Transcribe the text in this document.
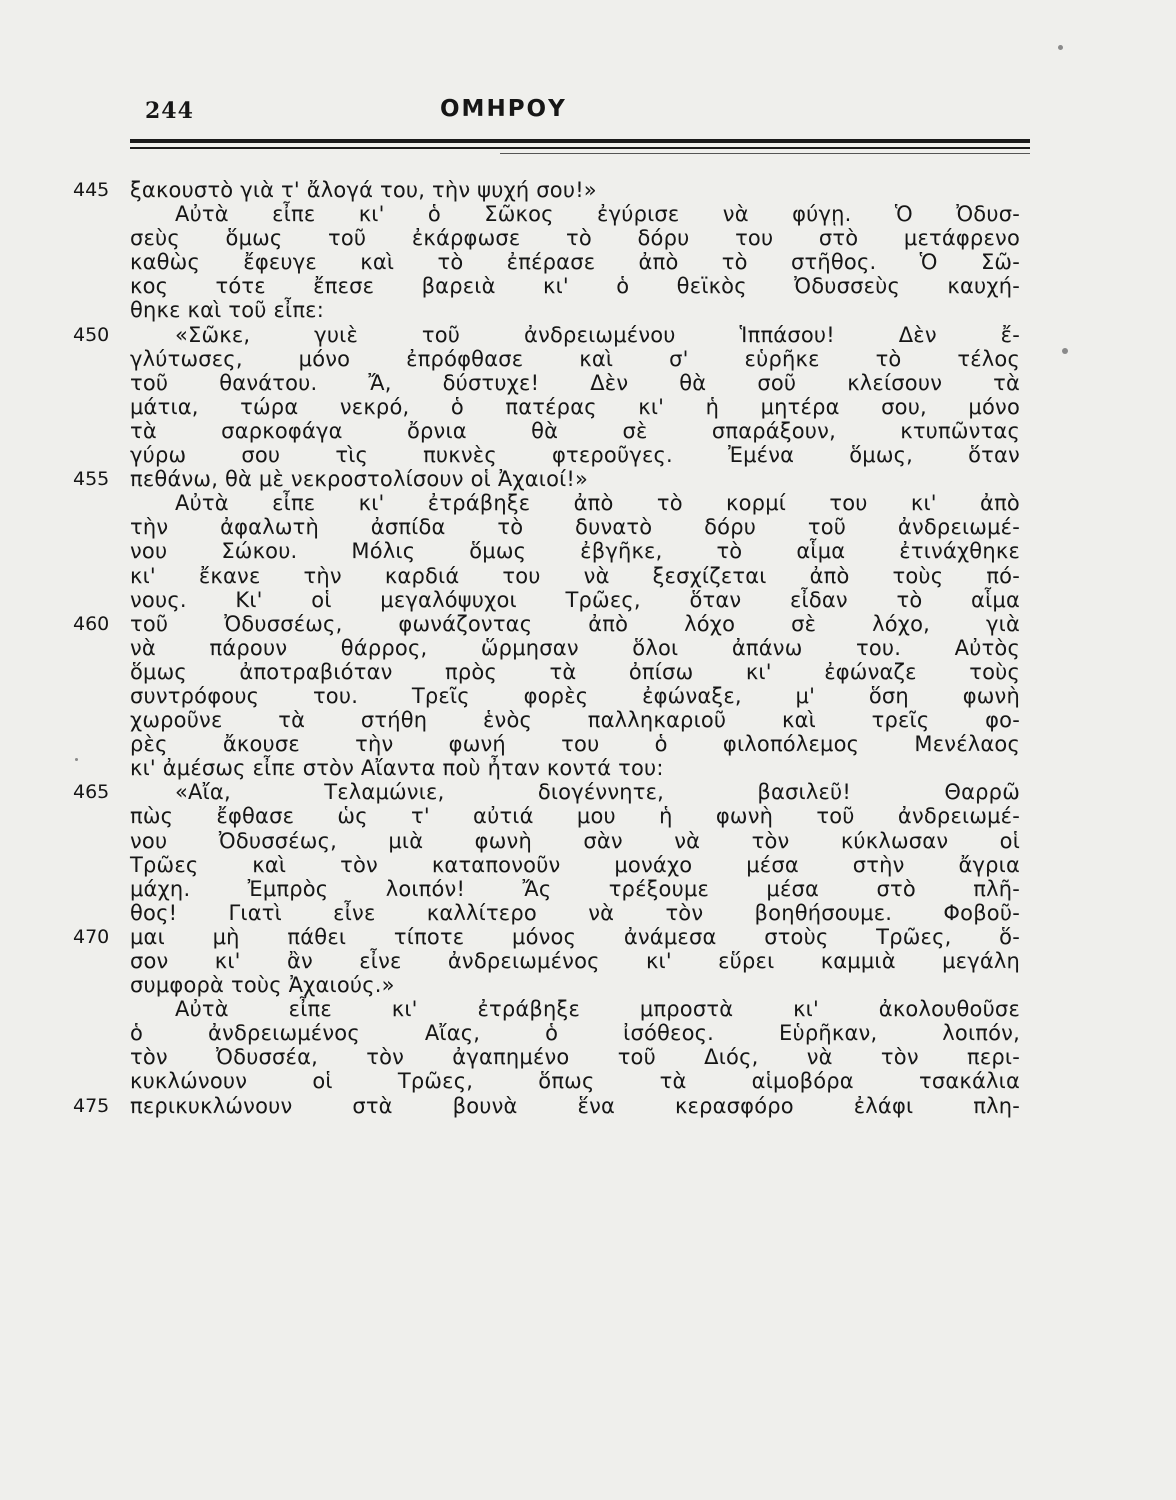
244	ΟΜΗΡΟΥ
445 ξακουστὸ γιὰ τ' ἄλογά του, τὴν ψυχή σου!»
Αὐτὰ εἶπε κι' ὁ Σῶκος ἐγύρισε νὰ φύγῃ. Ὁ Ὀδυσ-
σεὺς ὅμως τοῦ ἐκάρφωσε τὸ δόρυ του στὸ μετάφρενο
καθὼς ἔφευγε καὶ τὸ ἐπέρασε ἀπὸ τὸ στῆθος. Ὁ Σῶ-
κος τότε ἔπεσε βαρειὰ κι' ὁ θεϊκὸς Ὀδυσσεὺς καυχή-
θηκε καὶ τοῦ εἶπε:
450	«Σῶκε, γυιὲ τοῦ ἀνδρειωμένου Ἱππάσου! Δὲν ἔ-
γλύτωσες, μόνο ἐπρόφθασε καὶ σ' εὑρῆκε τὸ τέλος
τοῦ θανάτου. Ἄ, δύστυχε! Δὲν θὰ σοῦ κλείσουν τὰ
μάτια, τώρα νεκρό, ὁ πατέρας κι' ἡ μητέρα σου, μόνο
τὰ σαρκοφάγα ὄρνια θὰ σὲ σπαράξουν, κτυπῶντας
γύρω σου τὶς πυκνὲς φτεροῦγες. Ἐμένα ὅμως, ὅταν
455 πεθάνω, θὰ μὲ νεκροστολίσουν οἱ Ἀχαιοί!»
Αὐτὰ εἶπε κι' ἐτράβηξε ἀπὸ τὸ κορμί του κι' ἀπὸ
τὴν ἀφαλωτὴ ἀσπίδα τὸ δυνατὸ δόρυ τοῦ ἀνδρειωμέ-
νου Σώκου. Μόλις ὅμως ἐβγῆκε, τὸ αἷμα ἐτινάχθηκε
κι' ἔκανε τὴν καρδιά του νὰ ξεσχίζεται ἀπὸ τοὺς πό-
νους. Κι' οἱ μεγαλόψυχοι Τρῶες, ὅταν εἶδαν τὸ αἷμα
460 τοῦ Ὀδυσσέως, φωνάζοντας ἀπὸ λόχο σὲ λόχο, γιὰ
νὰ πάρουν θάρρος, ὥρμησαν ὅλοι ἀπάνω του. Αὐτὸς
ὅμως ἀποτραβιόταν πρὸς τὰ ὀπίσω κι' ἐφώναζε τοὺς
συντρόφους του. Τρεῖς φορὲς ἐφώναξε, μ' ὅση φωνὴ
χωροῦνε τὰ στήθη ἑνὸς παλληκαριοῦ καὶ τρεῖς φο-
ρὲς ἄκουσε τὴν φωνή του ὁ φιλοπόλεμος Μενέλαος
κι' ἀμέσως εἶπε στὸν Αἴαντα ποὺ ἦταν κοντά του:
465	«Αἴα, Τελαμώνιε, διογέννητε, βασιλεῦ! Θαρρῶ
πὼς ἔφθασε ὡς τ' αὐτιά μου ἡ φωνὴ τοῦ ἀνδρειωμέ-
νου Ὀδυσσέως, μιὰ φωνὴ σὰν νὰ τὸν κύκλωσαν οἱ
Τρῶες καὶ τὸν καταπονοῦν μονάχο μέσα στὴν ἄγρια
μάχη. Ἐμπρὸς λοιπόν! Ἄς τρέξουμε μέσα στὸ πλῆ-
θος! Γιατὶ εἶνε καλλίτερο νὰ τὸν βοηθήσουμε. Φοβοῦ-
470 μαι μὴ πάθει τίποτε μόνος ἀνάμεσα στοὺς Τρῶες, ὅ-
σον κι' ἂν εἶνε ἀνδρειωμένος κι' εὕρει καμμιὰ μεγάλη
συμφορὰ τοὺς Ἀχαιούς.»
Αὐτὰ εἶπε κι' ἐτράβηξε μπροστὰ κι' ἀκολουθοῦσε
ὁ ἀνδρειωμένος Αἴας, ὁ ἰσόθεος. Εὑρῆκαν, λοιπόν,
τὸν Ὀδυσσέα, τὸν ἀγαπημένο τοῦ Διός, νὰ τὸν περι-
κυκλώνουν οἱ Τρῶες, ὅπως τὰ αἱμοβόρα τσακάλια
475 περικυκλώνουν στὰ βουνὰ ἕνα κερασφόρο ἐλάφι πλη-
